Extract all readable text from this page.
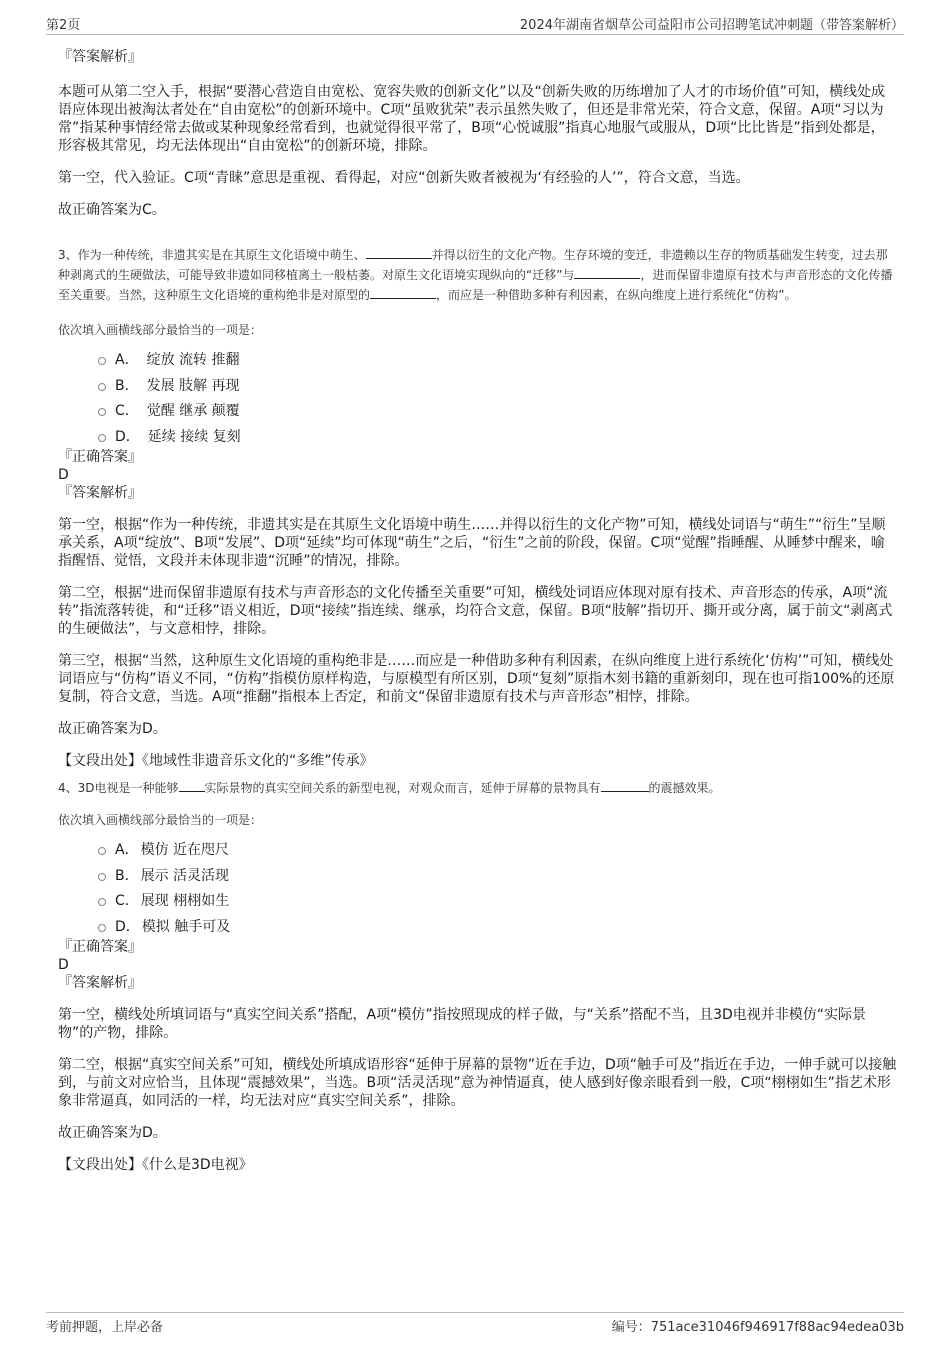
第2页	2024年湖南省烟草公司益阳市公司招聘笔试冲刺题（带答案解析）

『答案解析』

本题可从第二空入手，根据“要潜心营造自由宽松、宽容失败的创新文化”以及“创新失败的历练增加了人才的市场价值”可知，横线处成语应体现出被淘汰者处在“自由宽松”的创新环境中。C项“虽败犹荣”表示虽然失败了，但还是非常光荣，符合文意，保留。A项“习以为常”指某种事情经常去做或某种现象经常看到，也就觉得很平常了，B项“心悦诚服”指真心地服气或服从，D项“比比皆是”指到处都是，形容极其常见，均无法体现出“自由宽松”的创新环境，排除。

第一空，代入验证。C项“青睐”意思是重视、看得起，对应“创新失败者被视为‘有经验的人’”，符合文意，当选。

故正确答案为C。

3、作为一种传统，非遗其实是在其原生文化语境中萌生、	并得以衍生的文化产物。生存环境的变迁，非遗赖以生存的物质基础发生转变，过去那种剥离式的生硬做法，可能导致非遗如同移植离土一般枯萎。对原生文化语境实现纵向的“迁移”与	，进而保留非遗原有技术与声音形态的文化传播至关重要。当然，这种原生文化语境的重构绝非是对原型的	，而应是一种借助多种有利因素，在纵向维度上进行系统化“仿构”。

依次填入画横线部分最恰当的一项是：

A． 绽放 流转 推翻
B． 发展 肢解 再现
C． 觉醒 继承 颠覆
D． 延续 接续 复刻

『正确答案』

D

『答案解析』

第一空，根据“作为一种传统，非遗其实是在其原生文化语境中萌生……并得以衍生的文化产物”可知，横线处词语与“萌生”“衍生”呈顺承关系，A项“绽放”、B项“发展”、D项“延续”均可体现“萌生”之后，“衍生”之前的阶段，保留。C项“觉醒”指睡醒、从睡梦中醒来，喻指醒悟、觉悟，文段并未体现非遗“沉睡”的情况，排除。

第二空，根据“进而保留非遗原有技术与声音形态的文化传播至关重要”可知，横线处词语应体现对原有技术、声音形态的传承，A项“流转”指流落转徙，和“迁移”语义相近，D项“接续”指连续、继承，均符合文意，保留。B项“肢解”指切开、撕开或分离，属于前文“剥离式的生硬做法”，与文意相悖，排除。

第三空，根据“当然，这种原生文化语境的重构绝非是……而应是一种借助多种有利因素，在纵向维度上进行系统化‘仿构’”可知，横线处词语应与“仿构”语义不同，“仿构”指模仿原样构造，与原模型有所区别，D项“复刻”原指木刻书籍的重新刻印，现在也可指100%的还原复制，符合文意，当选。A项“推翻”指根本上否定，和前文“保留非遗原有技术与声音形态”相悖，排除。

故正确答案为D。

【文段出处】《地域性非遗音乐文化的“多维”传承》

4、3D电视是一种能够 实际景物的真实空间关系的新型电视，对观众而言，延伸于屏幕的景物具有	的震撼效果。

依次填入画横线部分最恰当的一项是：

A． 模仿 近在咫尺
B． 展示 活灵活现
C． 展现 栩栩如生
D． 模拟 触手可及

『正确答案』

D

『答案解析』

第一空，横线处所填词语与“真实空间关系”搭配，A项“模仿”指按照现成的样子做，与“关系”搭配不当，且3D电视并非模仿“实际景物”的产物，排除。

第二空，根据“真实空间关系”可知，横线处所填成语形容“延伸于屏幕的景物”近在手边，D项“触手可及”指近在手边，一伸手就可以接触到，与前文对应恰当，且体现“震撼效果”，当选。B项“活灵活现”意为神情逼真，使人感到好像亲眼看到一般，C项“栩栩如生”指艺术形象非常逼真，如同活的一样，均无法对应“真实空间关系”，排除。

故正确答案为D。

【文段出处】《什么是3D电视》

考前押题，上岸必备	编号：751ace31046f946917f88ac94edea03b
